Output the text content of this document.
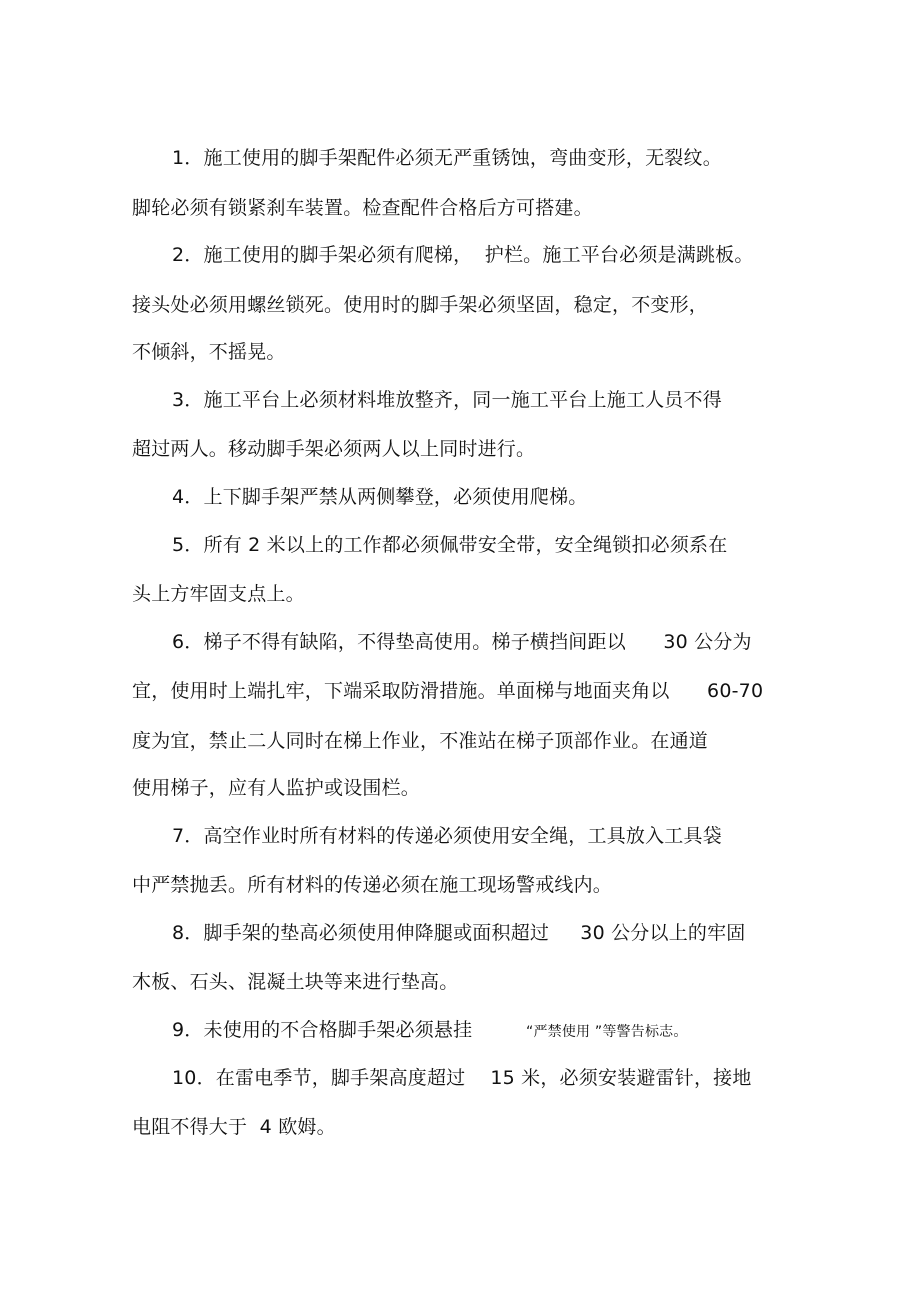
1．施工使用的脚手架配件必须无严重锈蚀，弯曲变形，无裂纹。
脚轮必须有锁紧刹车装置。检查配件合格后方可搭建。
2．施工使用的脚手架必须有爬梯，  护栏。施工平台必须是满跳板。
接头处必须用螺丝锁死。使用时的脚手架必须坚固，稳定，不变形，
不倾斜，不摇晃。
3．施工平台上必须材料堆放整齐，同一施工平台上施工人员不得
超过两人。移动脚手架必须两人以上同时进行。
4．上下脚手架严禁从两侧攀登，必须使用爬梯。
5．所有 2 米以上的工作都必须佩带安全带，安全绳锁扣必须系在
头上方牢固支点上。
6．梯子不得有缺陷，不得垫高使用。梯子横挡间距以      30 公分为
宜，使用时上端扎牢，下端采取防滑措施。单面梯与地面夹角以      60-70
度为宜，禁止二人同时在梯上作业，不准站在梯子顶部作业。在通道
使用梯子，应有人监护或设围栏。
7．高空作业时所有材料的传递必须使用安全绳，工具放入工具袋
中严禁抛丢。所有材料的传递必须在施工现场警戒线内。
8．脚手架的垫高必须使用伸降腿或面积超过     30 公分以上的牢固
木板、石头、混凝土块等来进行垫高。
9．未使用的不合格脚手架必须悬挂	“严禁使用 ”等警告标志。
10．在雷电季节，脚手架高度超过    15 米，必须安装避雷针，接地
电阻不得大于  4 欧姆。
